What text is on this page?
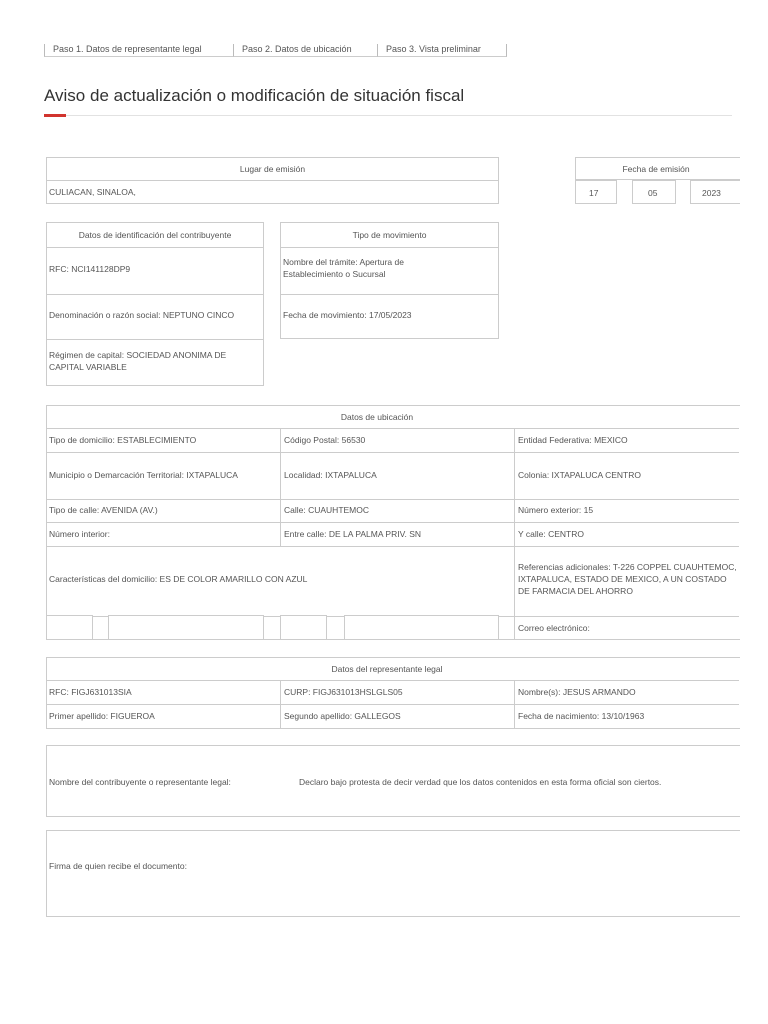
Paso 1. Datos de representante legal	Paso 2. Datos de ubicación	Paso 3. Vista preliminar
Aviso de actualización o modificación de situación fiscal
Lugar de emisión
CULIACAN, SINALOA,
Fecha de emisión
17	05	2023
Datos de identificación del contribuyente
RFC: NCI141128DP9
Denominación o razón social: NEPTUNO CINCO
Régimen de capital: SOCIEDAD ANONIMA DE CAPITAL VARIABLE
Tipo de movimiento
Nombre del trámite: Apertura de Establecimiento o Sucursal
Fecha de movimiento: 17/05/2023
Datos de ubicación
Tipo de domicilio: ESTABLECIMIENTO	Código Postal: 56530	Entidad Federativa: MEXICO
Municipio o Demarcación Territorial: IXTAPALUCA	Localidad: IXTAPALUCA	Colonia: IXTAPALUCA CENTRO
Tipo de calle: AVENIDA (AV.)	Calle: CUAUHTEMOC	Número exterior: 15
Número interior:	Entre calle: DE LA PALMA PRIV. SN	Y calle: CENTRO
Características del domicilio: ES DE COLOR AMARILLO CON AZUL
Referencias adicionales: T-226 COPPEL CUAUHTEMOC, IXTAPALUCA, ESTADO DE MEXICO, A UN COSTADO DE FARMACIA DEL AHORRO
Correo electrónico:
Datos del representante legal
RFC: FIGJ631013SIA	CURP: FIGJ631013HSLGLS05	Nombre(s): JESUS ARMANDO
Primer apellido: FIGUEROA	Segundo apellido: GALLEGOS	Fecha de nacimiento: 13/10/1963
Nombre del contribuyente o representante legal:	Declaro bajo protesta de decir verdad que los datos contenidos en esta forma oficial son ciertos.
Firma de quien recibe el documento:
